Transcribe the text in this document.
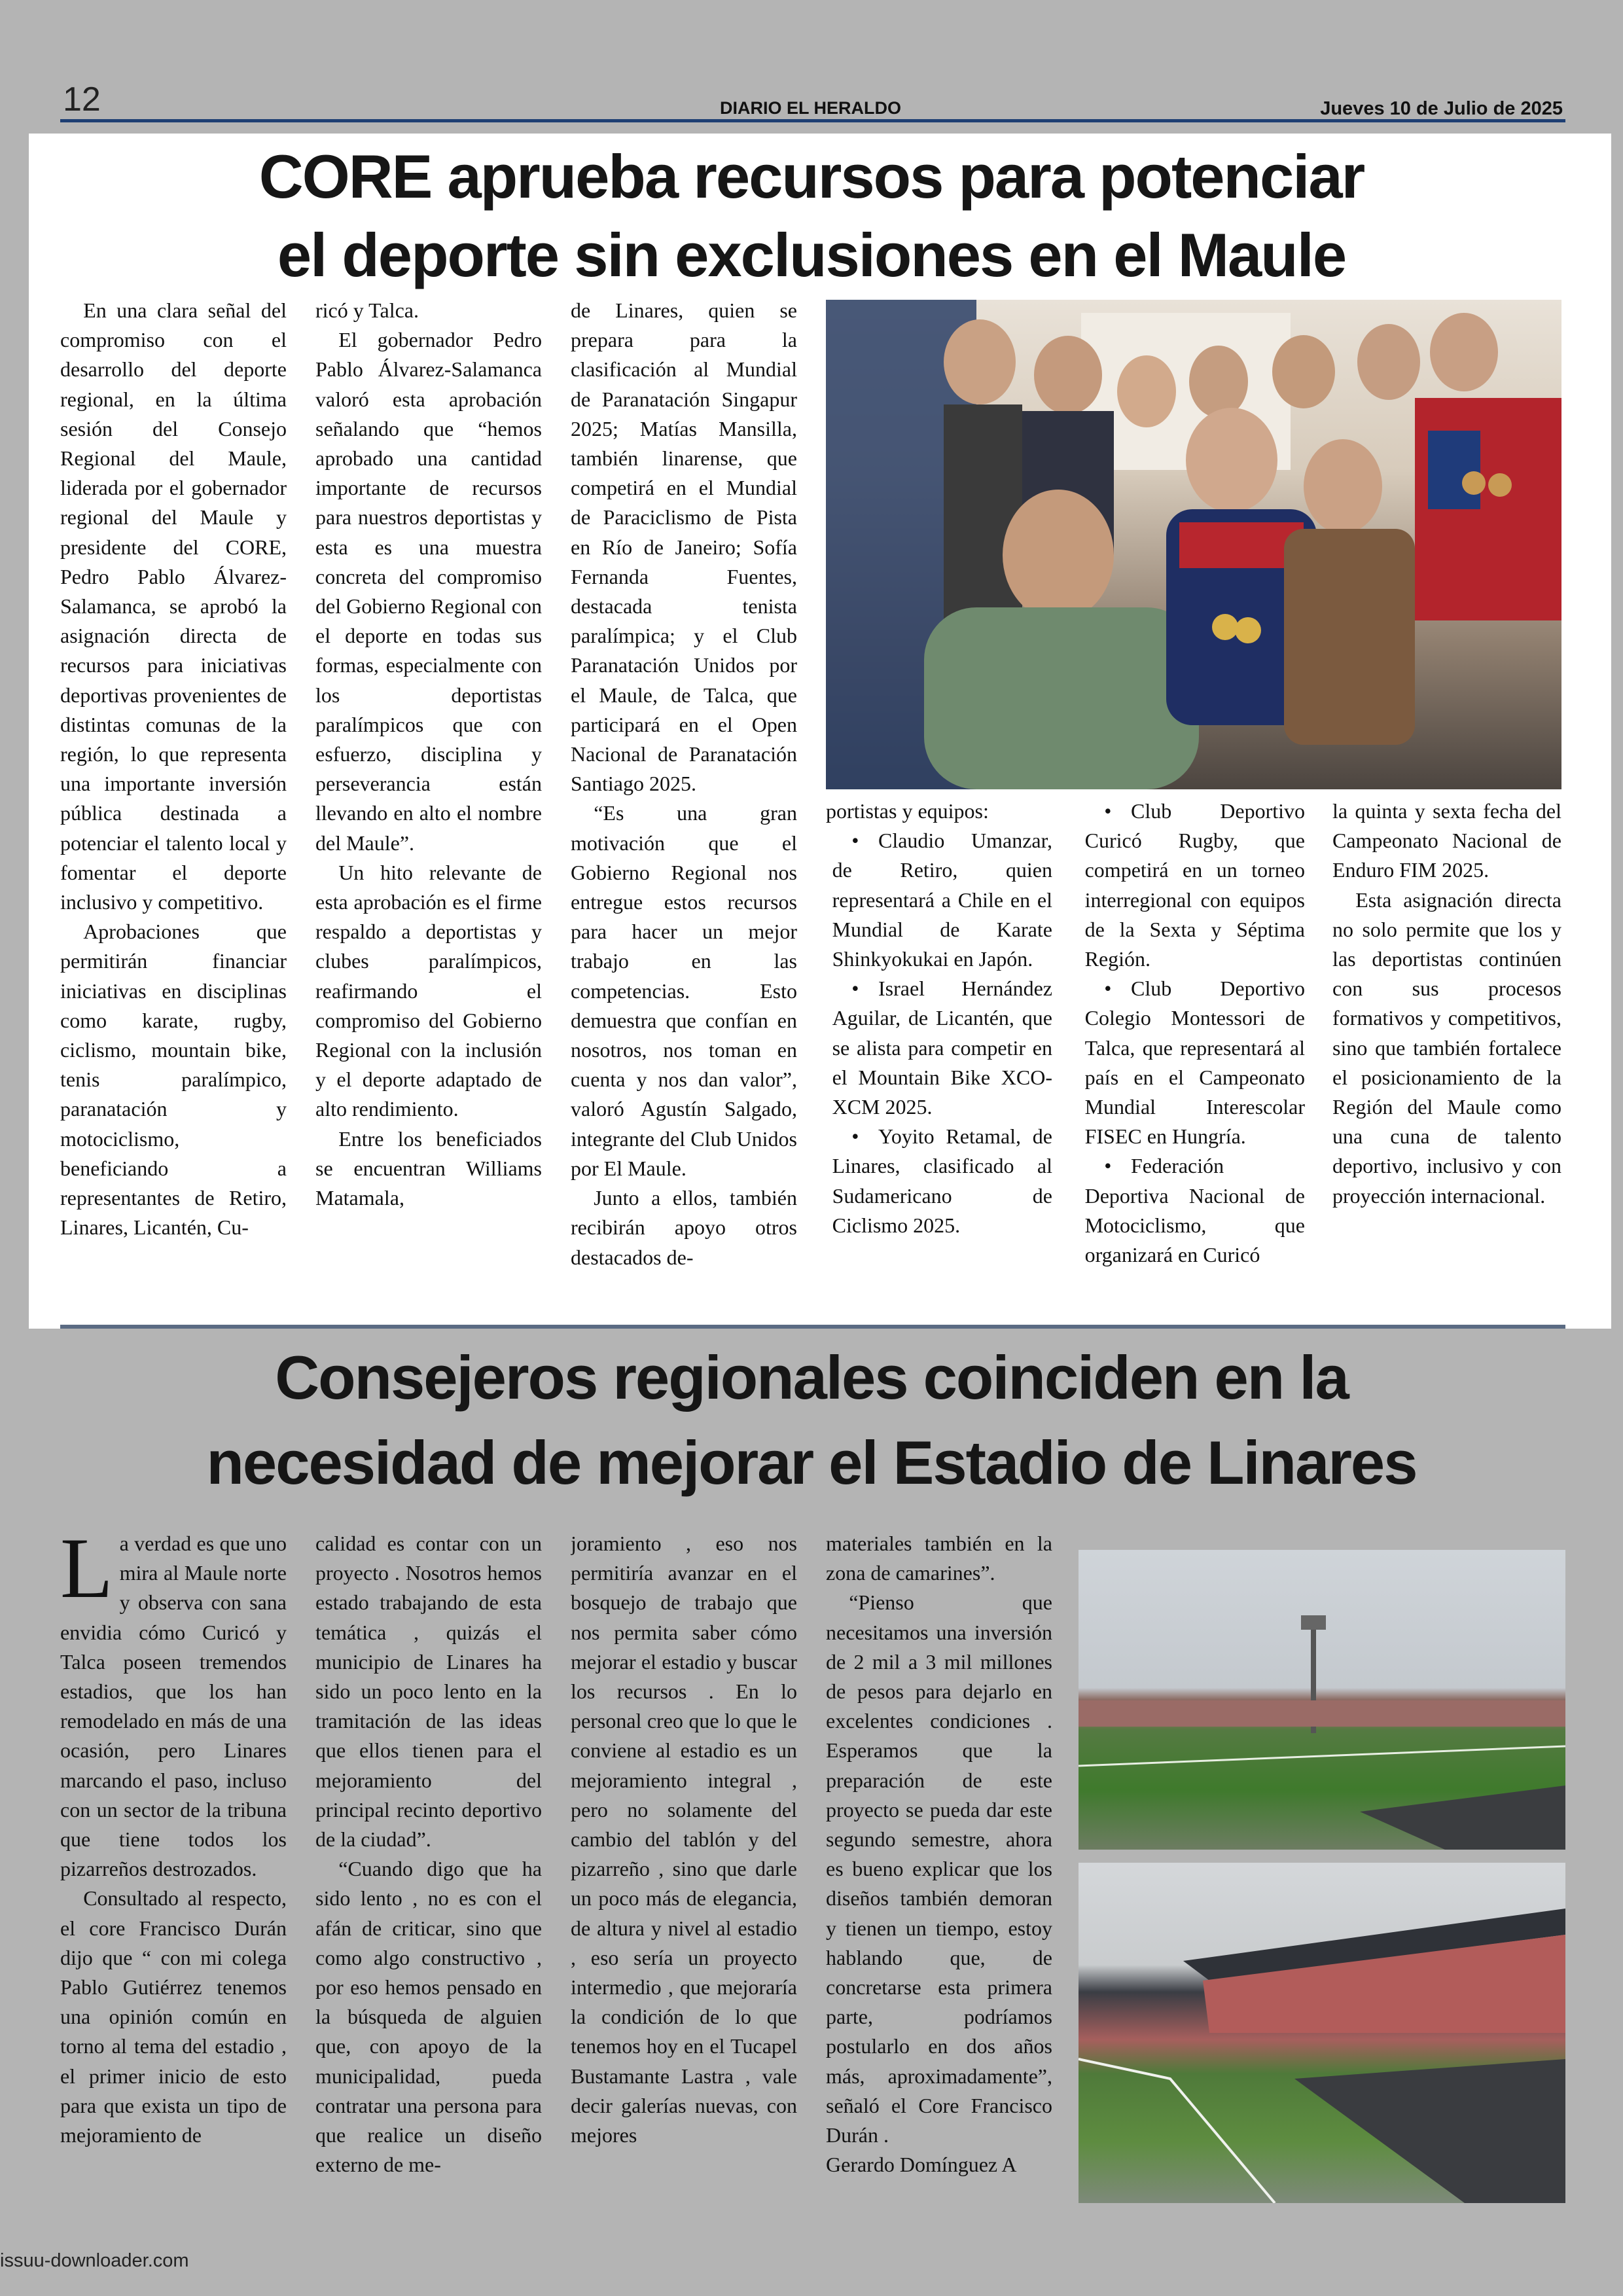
12	DIARIO EL HERALDO	Jueves 10 de Julio de 2025
CORE aprueba recursos para potenciar
el deporte sin exclusiones en el Maule

En una clara señal del compromiso con el desarrollo del deporte regional, en la última sesión del Consejo Regional del Maule, liderada por el gobernador regional del Maule y presidente del CORE, Pedro Pablo Álvarez-Salamanca, se aprobó la asignación directa de recursos para iniciativas deportivas provenientes de distintas comunas de la región, lo que representa una importante inversión pública destinada a potenciar el talento local y fomentar el deporte inclusivo y competitivo.

Aprobaciones que permitirán financiar iniciativas en disciplinas como karate, rugby, ciclismo, mountain bike, tenis paralímpico, paranatación y motociclismo, beneficiando a representantes de Retiro, Linares, Licantén, Cu-

ricó y Talca.

El gobernador Pedro Pablo Álvarez-Salamanca valoró esta aprobación señalando que “hemos aprobado una cantidad importante de recursos para nuestros deportistas y esta es una muestra concreta del compromiso del Gobierno Regional con el deporte en todas sus formas, especialmente con los deportistas paralímpicos que con esfuerzo, disciplina y perseverancia están llevando en alto el nombre del Maule”.

Un hito relevante de esta aprobación es el firme respaldo a deportistas y clubes paralímpicos, reafirmando el compromiso del Gobierno Regional con la inclusión y el deporte adaptado de alto rendimiento.

Entre los beneficiados se encuentran Williams Matamala,

de Linares, quien se prepara para la clasificación al Mundial de Paranatación Singapur 2025; Matías Mansilla, también linarense, que competirá en el Mundial de Paraciclismo de Pista en Río de Janeiro; Sofía Fernanda Fuentes, destacada tenista paralímpica; y el Club Paranatación Unidos por el Maule, de Talca, que participará en el Open Nacional de Paranatación Santiago 2025.

“Es una gran motivación que el Gobierno Regional nos entregue estos recursos para hacer un mejor trabajo en las competencias. Esto demuestra que confían en nosotros, nos toman en cuenta y nos dan valor”, valoró Agustín Salgado, integrante del Club Unidos por El Maule.

Junto a ellos, también recibirán apoyo otros destacados de-

portistas y equipos:

• Claudio Umanzar, de Retiro, quien representará a Chile en el Mundial de Karate Shinkyokukai en Japón.

• Israel Hernández Aguilar, de Licantén, que se alista para competir en el Mountain Bike XCO-XCM 2025.

• Yoyito Retamal, de Linares, clasificado al Sudamericano de Ciclismo 2025.

• Club Deportivo Curicó Rugby, que competirá en un torneo interregional con equipos de la Sexta y Séptima Región.

• Club Deportivo Colegio Montessori de Talca, que representará al país en el Campeonato Mundial Interescolar FISEC en Hungría.

• Federación Deportiva Nacional de Motociclismo, que organizará en Curicó

la quinta y sexta fecha del Campeonato Nacional de Enduro FIM 2025.

Esta asignación directa no solo permite que los y las deportistas continúen con sus procesos formativos y competitivos, sino que también fortalece el posicionamiento de la Región del Maule como una cuna de talento deportivo, inclusivo y con proyección internacional.

Consejeros regionales coinciden en la
necesidad de mejorar el Estadio de Linares
L a verdad es que uno mira al Maule norte y observa con sana envidia cómo Curicó y Talca poseen tremendos estadios, que los han remodelado en más de una ocasión, pero Linares marcando el paso, incluso con un sector de la tribuna que tiene todos los pizarreños destrozados.

Consultado al respecto, el core Francisco Durán dijo que “ con mi colega Pablo Gutiérrez tenemos una opinión común en torno al tema del estadio , el primer inicio de esto para que exista un tipo de mejoramiento de

calidad es contar con un proyecto . Nosotros hemos estado trabajando de esta temática , quizás el municipio de Linares ha sido un poco lento en la tramitación de las ideas que ellos tienen para el mejoramiento del principal recinto deportivo de la ciudad”.

“Cuando digo que ha sido lento , no es con el afán de criticar, sino que como algo constructivo , por eso hemos pensado en la búsqueda de alguien que, con apoyo de la municipalidad, pueda contratar una persona para que realice un diseño externo de me-

joramiento , eso nos permitiría avanzar en el bosquejo de trabajo que nos permita saber cómo mejorar el estadio y buscar los recursos . En lo personal creo que lo que le conviene al estadio es un mejoramiento integral , pero no solamente del cambio del tablón y del pizarreño , sino que darle un poco más de elegancia, de altura y nivel al estadio , eso sería un proyecto intermedio , que mejoraría la condición de lo que tenemos hoy en el Tucapel Bustamante Lastra , vale decir galerías nuevas, con mejores

materiales también en la zona de camarines”.

“Pienso que necesitamos una inversión de 2 mil a 3 mil millones de pesos para dejarlo en excelentes condiciones . Esperamos que la preparación de este proyecto se pueda dar este segundo semestre, ahora es bueno explicar que los diseños también demoran y tienen un tiempo, estoy hablando que, de concretarse esta primera parte, podríamos postularlo en dos años más, aproximadamente”, señaló el Core Francisco Durán .

Gerardo Domínguez A

issuu-downloader.com
